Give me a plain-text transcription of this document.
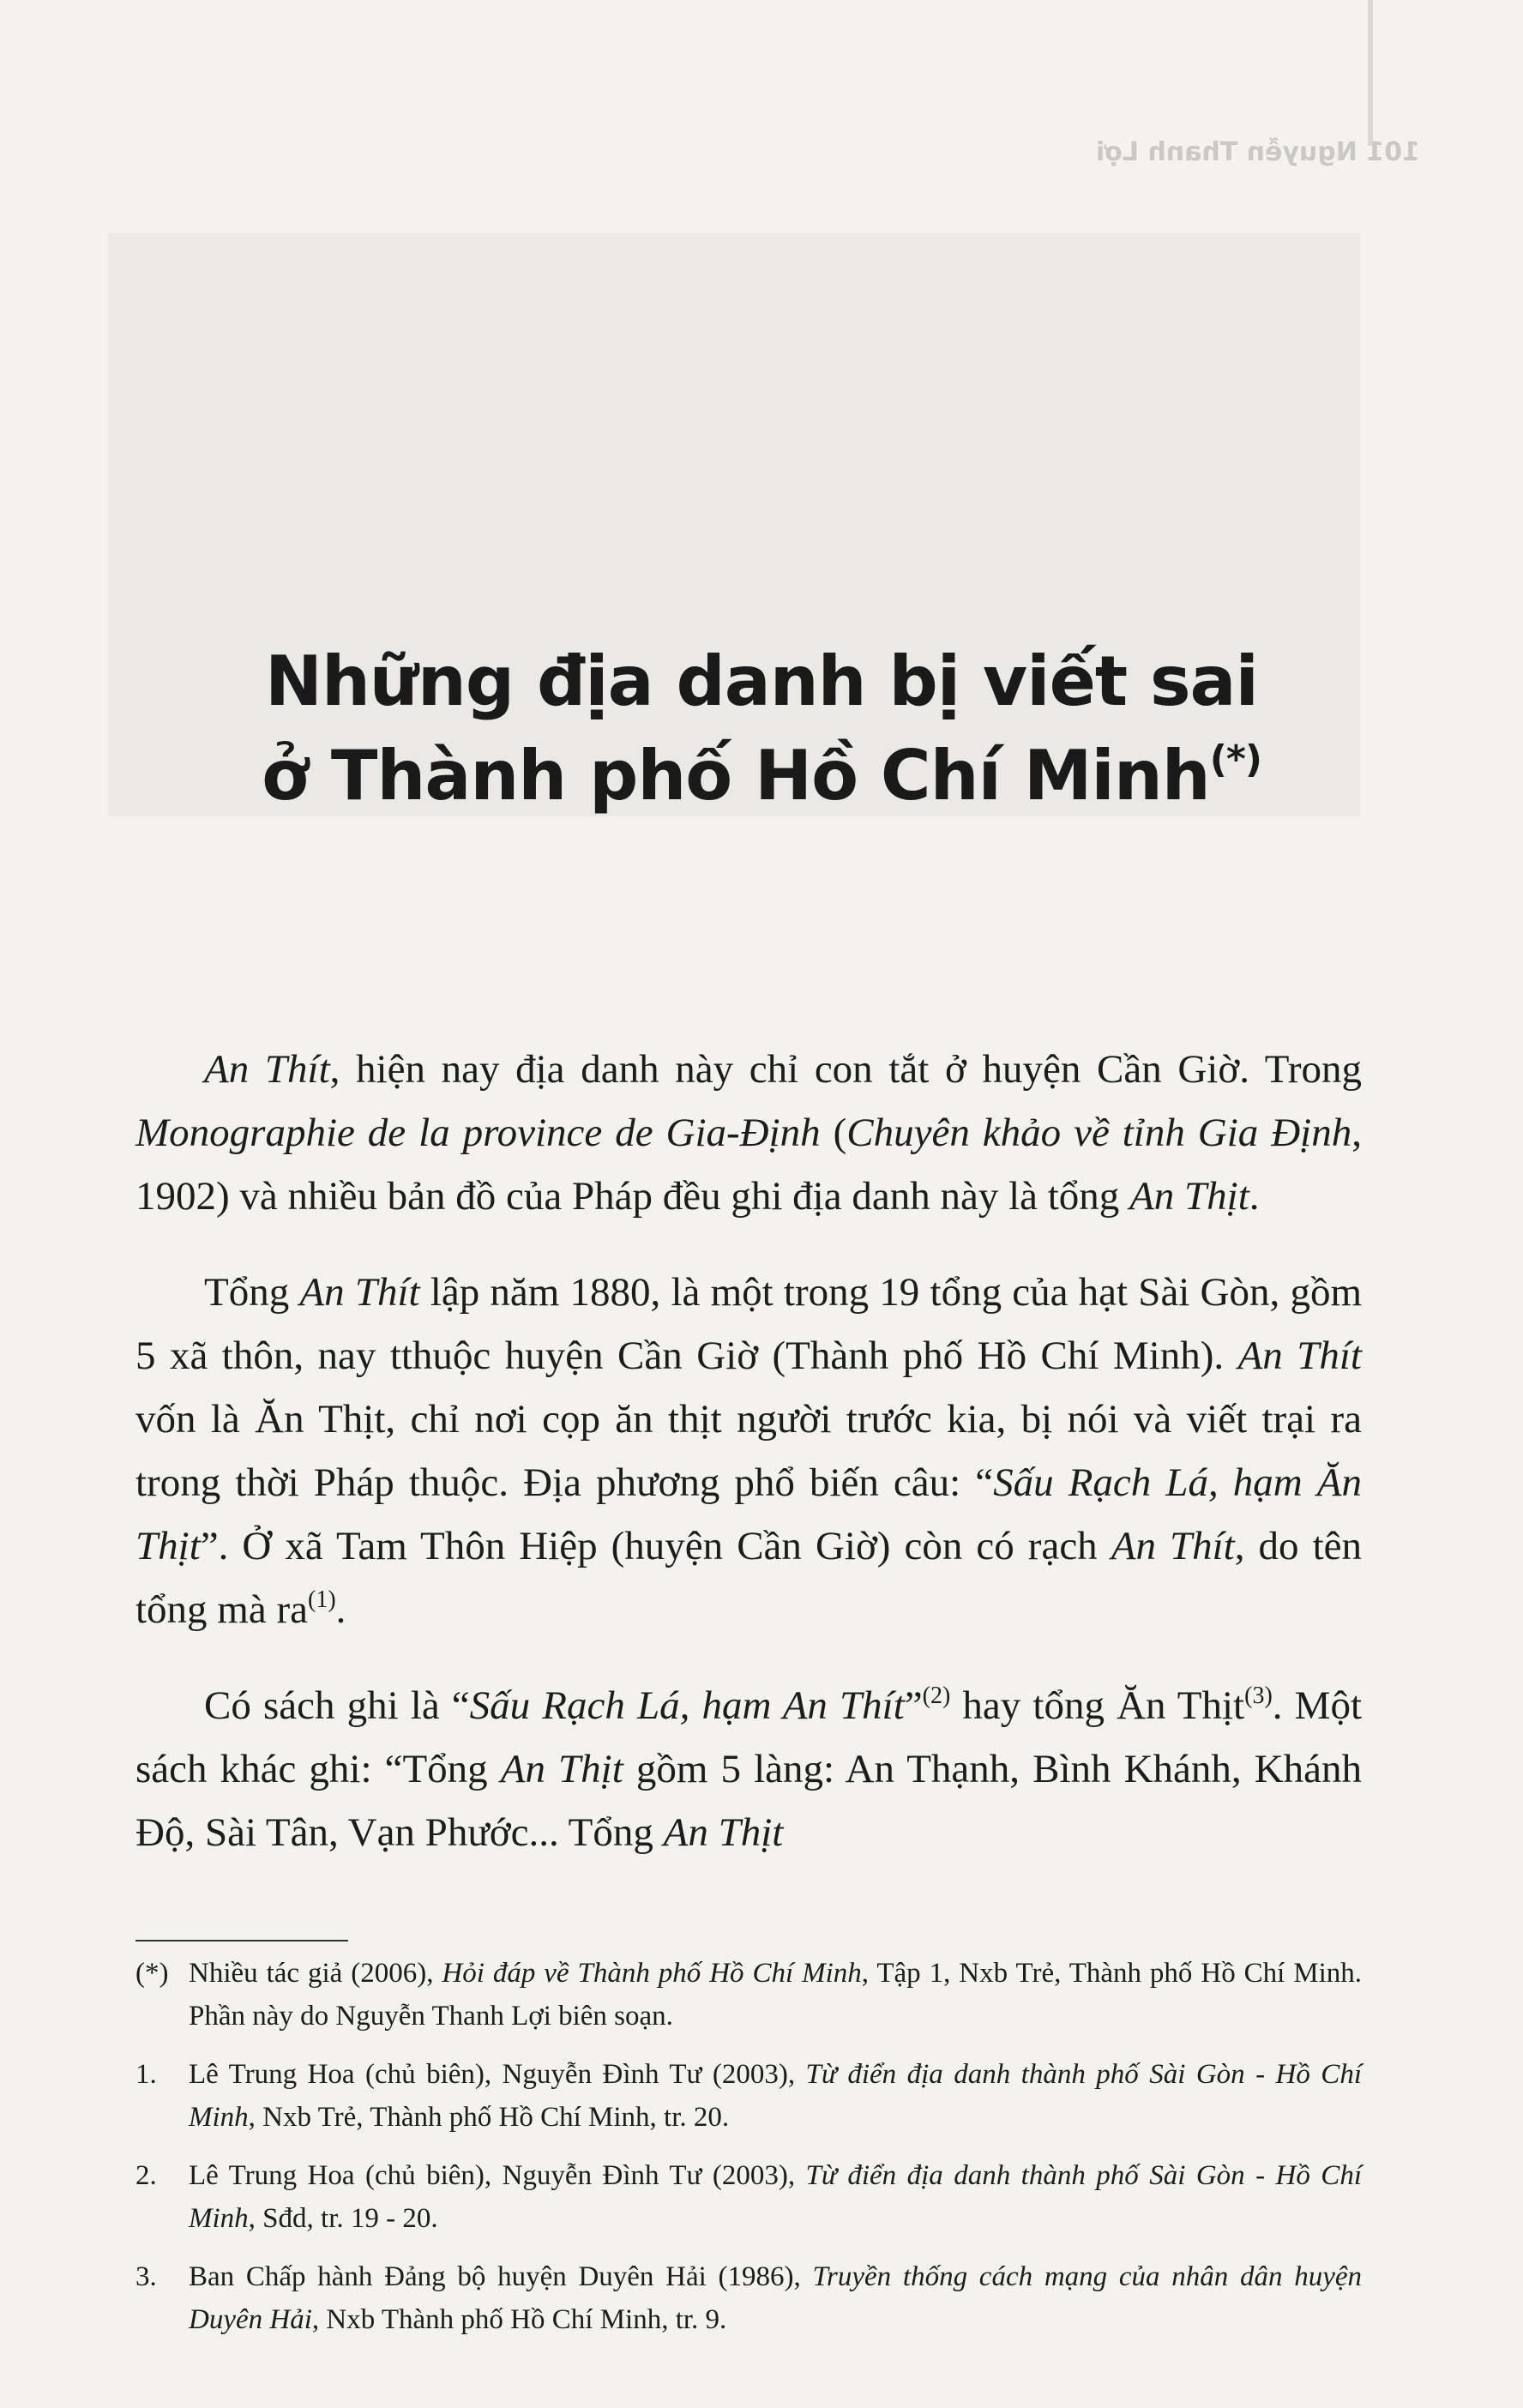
101 Nguyễn Thanh Lợi
Những địa danh bị viết sai
ở Thành phố Hồ Chí Minh(*)

An Thít, hiện nay địa danh này chỉ con tắt ở huyện Cần Giờ. Trong Monographie de la province de Gia-Định (Chuyên khảo về tỉnh Gia Định, 1902) và nhiều bản đồ của Pháp đều ghi địa danh này là tổng An Thịt.

Tổng An Thít lập năm 1880, là một trong 19 tổng của hạt Sài Gòn, gồm 5 xã thôn, nay tthuộc huyện Cần Giờ (Thành phố Hồ Chí Minh). An Thít vốn là Ăn Thịt, chỉ nơi cọp ăn thịt người trước kia, bị nói và viết trại ra trong thời Pháp thuộc. Địa phương phổ biến câu: “Sấu Rạch Lá, hạm Ăn Thịt”. Ở xã Tam Thôn Hiệp (huyện Cần Giờ) còn có rạch An Thít, do tên tổng mà $ra^{(1)}$.

Có sách ghi là “Sấu Rạch Lá, hạm An Thít”$^{(2)}$ hay tổng Ăn Thịt$^{(3)}$. Một sách khác ghi: “Tổng An Thịt gồm 5 làng: An Thạnh, Bình Khánh, Khánh Độ, Sài Tân, Vạn Phước... Tổng An Thịt

(*) Nhiều tác giả (2006), Hỏi đáp về Thành phố Hồ Chí Minh, Tập 1, Nxb Trẻ, Thành phố Hồ Chí Minh. Phần này do Nguyễn Thanh Lợi biên soạn.
1.	Lê Trung Hoa (chủ biên), Nguyễn Đình Tư (2003), Từ điển địa danh thành phố Sài Gòn - Hồ Chí Minh, Nxb Trẻ, Thành phố Hồ Chí Minh, tr. 20.
2.	Lê Trung Hoa (chủ biên), Nguyễn Đình Tư (2003), Từ điển địa danh thành phố Sài Gòn - Hồ Chí Minh, Sđd, tr. 19 - 20.
3.	Ban Chấp hành Đảng bộ huyện Duyên Hải (1986), Truyền thống cách mạng của nhân dân huyện Duyên Hải, Nxb Thành phố Hồ Chí Minh, tr. 9.
